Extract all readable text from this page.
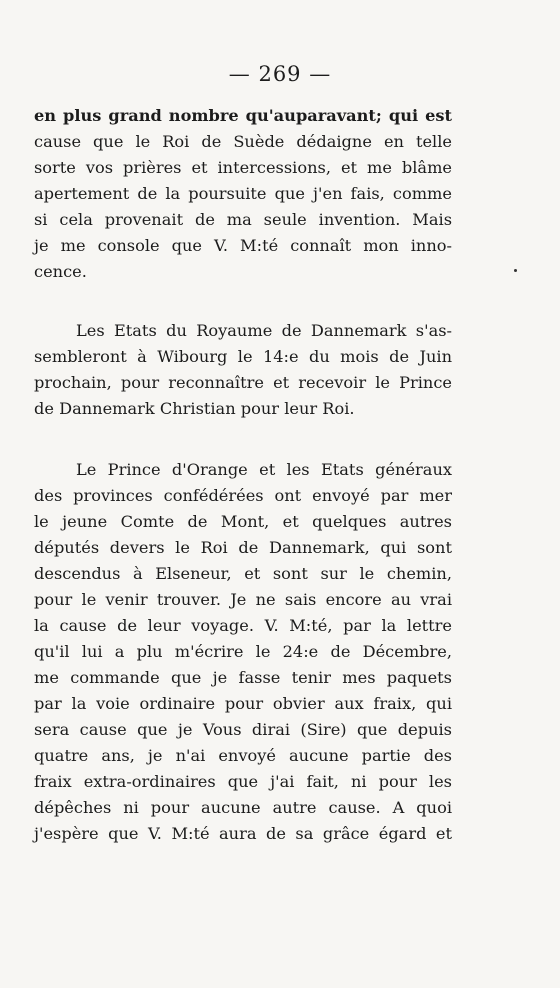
— 269 —
en plus grand nombre qu'auparavant; qui est
cause que le Roi de Suède dédaigne en telle
sorte vos prières et intercessions, et me blâme
apertement de la poursuite que j'en fais, comme
si cela provenait de ma seule invention. Mais
je me console que V. M:té connaît mon inno-
cence.
Les Etats du Royaume de Dannemark s'as-
sembleront à Wibourg le 14:e du mois de Juin
prochain, pour reconnaître et recevoir le Prince
de Dannemark Christian pour leur Roi.
Le Prince d'Orange et les Etats généraux
des provinces confédérées ont envoyé par mer
le jeune Comte de Mont, et quelques autres
députés devers le Roi de Dannemark, qui sont
descendus à Elseneur, et sont sur le chemin,
pour le venir trouver. Je ne sais encore au vrai
la cause de leur voyage. V. M:té, par la lettre
qu'il lui a plu m'écrire le 24:e de Décembre,
me commande que je fasse tenir mes paquets
par la voie ordinaire pour obvier aux fraix, qui
sera cause que je Vous dirai (Sire) que depuis
quatre ans, je n'ai envoyé aucune partie des
fraix extra-ordinaires que j'ai fait, ni pour les
dépêches ni pour aucune autre cause. A quoi
j'espère que V. M:té aura de sa grâce égard et
